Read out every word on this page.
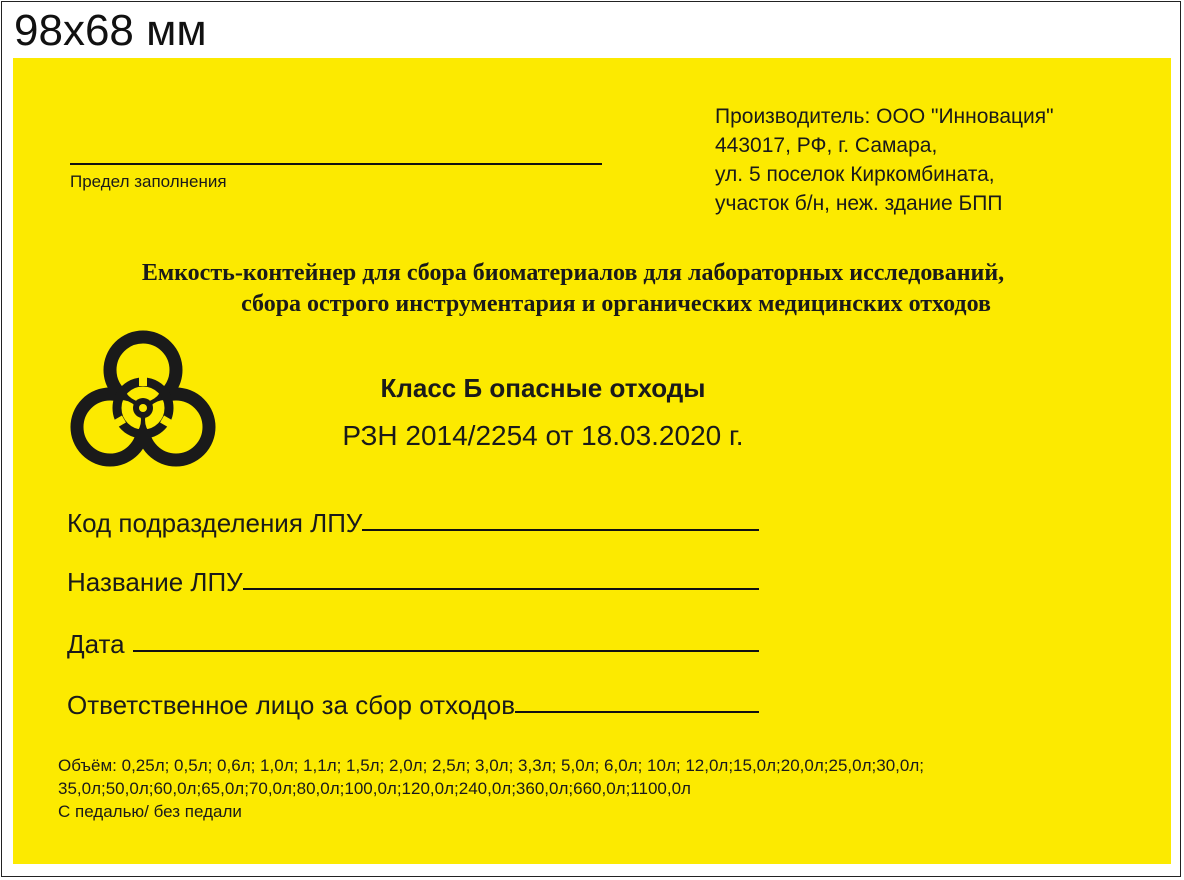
98х68 мм
Предел заполнения
Производитель: ООО "Инновация"
443017, РФ, г. Самара,
ул. 5 поселок Киркомбината,
участок б/н, неж. здание БПП
Емкость-контейнер для сбора биоматериалов для лабораторных исследований,
сбора острого инструментария и органических медицинских отходов
Класс Б опасные отходы
РЗН 2014/2254 от 18.03.2020 г.
Код подразделения ЛПУ
Название ЛПУ
Дата
Ответственное лицо за сбор отходов
Объём: 0,25л; 0,5л; 0,6л; 1,0л; 1,1л; 1,5л; 2,0л; 2,5л; 3,0л; 3,3л; 5,0л; 6,0л; 10л; 12,0л;15,0л;20,0л;25,0л;30,0л;
35,0л;50,0л;60,0л;65,0л;70,0л;80,0л;100,0л;120,0л;240,0л;360,0л;660,0л;1100,0л
С педалью/ без педали
